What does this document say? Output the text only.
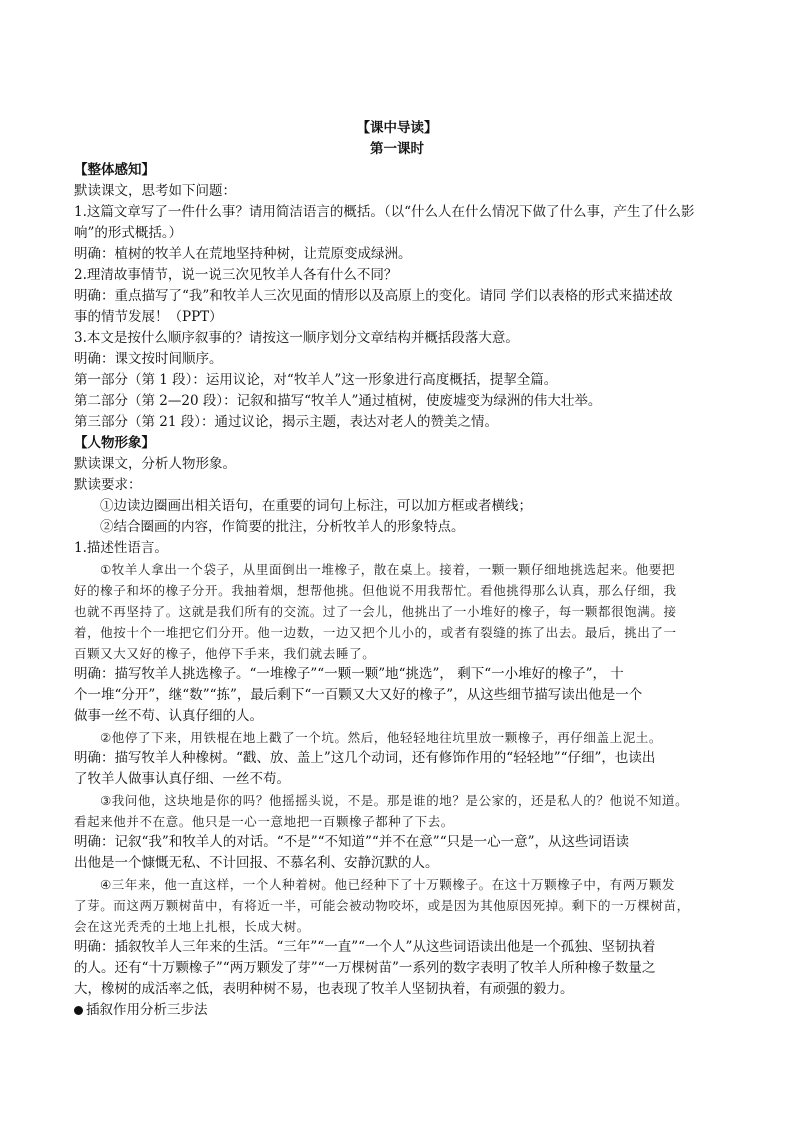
【课中导读】
第一课时
【整体感知】
默读课文，思考如下问题：
1.这篇文章写了一件什么事？请用简洁语言的概括。（以“什么人在什么情况下做了什么事，产生了什么影
响”的形式概括。）
明确：植树的牧羊人在荒地坚持种树，让荒原变成绿洲。
2.理清故事情节，说一说三次见牧羊人各有什么不同？
明确：重点描写了“我”和牧羊人三次见面的情形以及高原上的变化。请同 学们以表格的形式来描述故
事的情节发展！（PPT）
3.本文是按什么顺序叙事的？请按这一顺序划分文章结构并概括段落大意。
明确：课文按时间顺序。
第一部分（第 1 段）：运用议论，对“牧羊人”这一形象进行高度概括，提挈全篇。
第二部分（第 2—20 段）：记叙和描写“牧羊人”通过植树，使废墟变为绿洲的伟大壮举。
第三部分（第 21 段）：通过议论，揭示主题，表达对老人的赞美之情。
【人物形象】
默读课文，分析人物形象。
默读要求：
①边读边圈画出相关语句，在重要的词句上标注，可以加方框或者横线；
②结合圈画的内容，作简要的批注，分析牧羊人的形象特点。
1.描述性语言。
①牧羊人拿出一个袋子，从里面倒出一堆橡子，散在桌上。接着，一颗一颗仔细地挑选起来。他要把
好的橡子和坏的橡子分开。我抽着烟，想帮他挑。但他说不用我帮忙。看他挑得那么认真，那么仔细，我
也就不再坚持了。这就是我们所有的交流。过了一会儿，他挑出了一小堆好的橡子，每一颗都很饱满。接
着，他按十个一堆把它们分开。他一边数，一边又把个儿小的，或者有裂缝的拣了出去。最后，挑出了一
百颗又大又好的橡子，他停下手来，我们就去睡了。
明确：描写牧羊人挑选橡子。“一堆橡子”“一颗一颗”地“挑选”， 剩下“一小堆好的橡子”， 十
个一堆“分开”，继“数”“拣”，最后剩下“一百颗又大又好的橡子”，从这些细节描写读出他是一个
做事一丝不苟、认真仔细的人。
②他停了下来，用铁棍在地上戳了一个坑。然后，他轻轻地往坑里放一颗橡子，再仔细盖上泥土。
明确：描写牧羊人种橡树。“戳、放、盖上”这几个动词，还有修饰作用的“轻轻地”“仔细”，也读出
了牧羊人做事认真仔细、一丝不苟。
③我问他，这块地是你的吗？他摇摇头说，不是。那是谁的地？是公家的，还是私人的？他说不知道。
看起来他并不在意。他只是一心一意地把一百颗橡子都种了下去。
明确：记叙“我”和牧羊人的对话。“不是”“不知道”“并不在意”“只是一心一意”，从这些词语读
出他是一个慷慨无私、不计回报、不慕名利、安静沉默的人。
④三年来，他一直这样，一个人种着树。他已经种下了十万颗橡子。在这十万颗橡子中，有两万颗发
了芽。而这两万颗树苗中，有将近一半，可能会被动物咬坏，或是因为其他原因死掉。剩下的一万棵树苗，
会在这光秃秃的土地上扎根，长成大树。
明确：插叙牧羊人三年来的生活。“三年”“一直”“一个人”从这些词语读出他是一个孤独、坚韧执着
的人。还有“十万颗橡子”“两万颗发了芽”“一万棵树苗”一系列的数字表明了牧羊人所种橡子数量之
大，橡树的成活率之低，表明种树不易，也表现了牧羊人坚韧执着，有顽强的毅力。
插叙作用分析三步法
